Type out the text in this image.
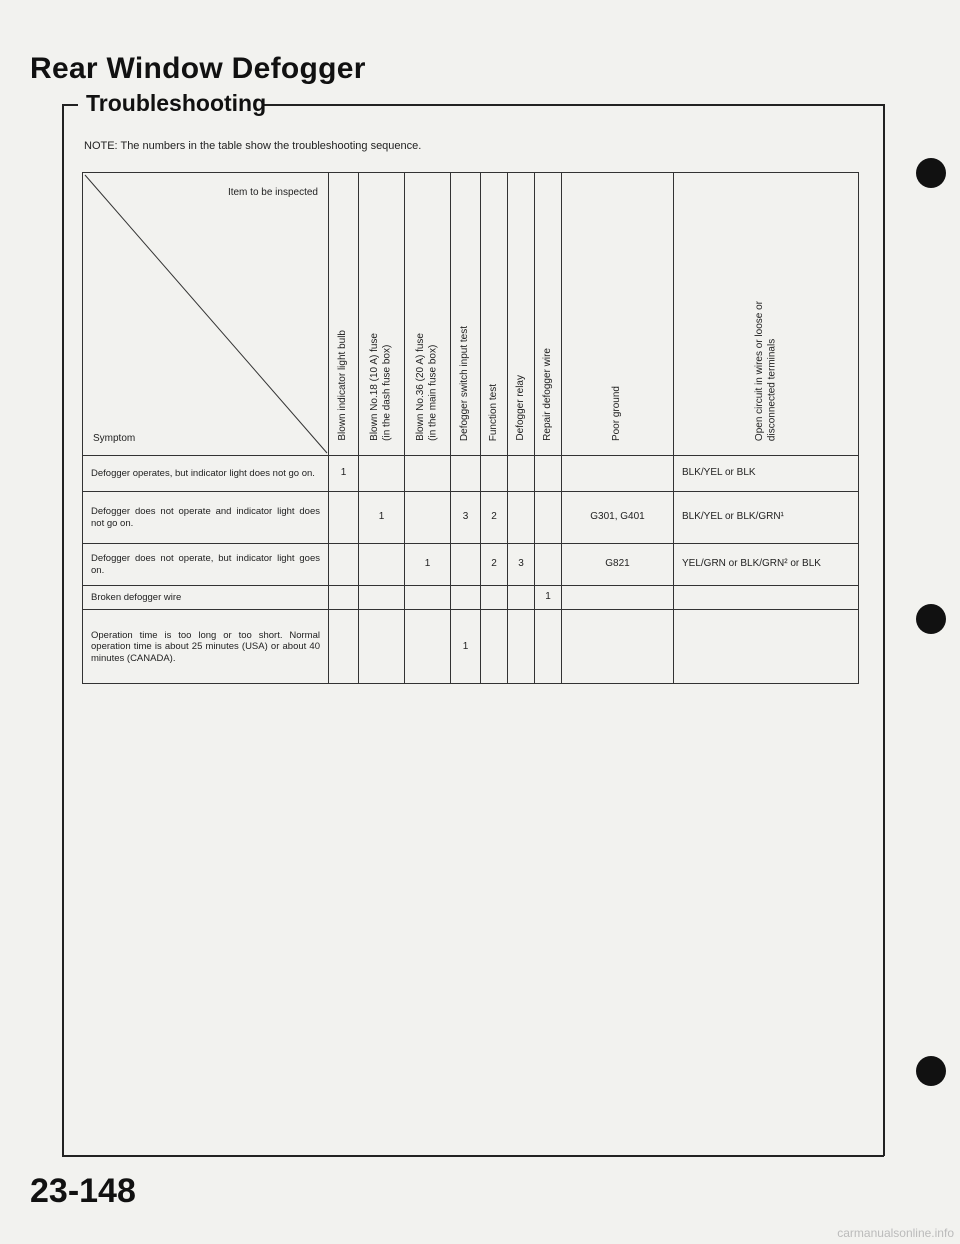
Rear Window Defogger
Troubleshooting
NOTE: The numbers in the table show the troubleshooting sequence.
Item to be inspected
Symptom	Blown indicator light bulb	Blown No.18 (10 A) fuse (in the dash fuse box)	Blown No.36 (20 A) fuse (in the main fuse box)	Defogger switch input test	Function test	Defogger relay	Repair defogger wire	Poor ground	Open circuit in wires or loose or disconnected terminals

Defogger operates, but indicator light does not go on.	1								BLK/YEL or BLK
Defogger does not operate and indicator light does not go on.		1		3	2			G301, G401	BLK/YEL or BLK/GRN¹
Defogger does not operate, but indicator light goes on.			1		2	3		G821	YEL/GRN or BLK/GRN² or BLK
Broken defogger wire							1		
Operation time is too long or too short. Normal operation time is about 25 minutes (USA) or about 40 minutes (CANADA).				1					
23-148
carmanualsonline.info
